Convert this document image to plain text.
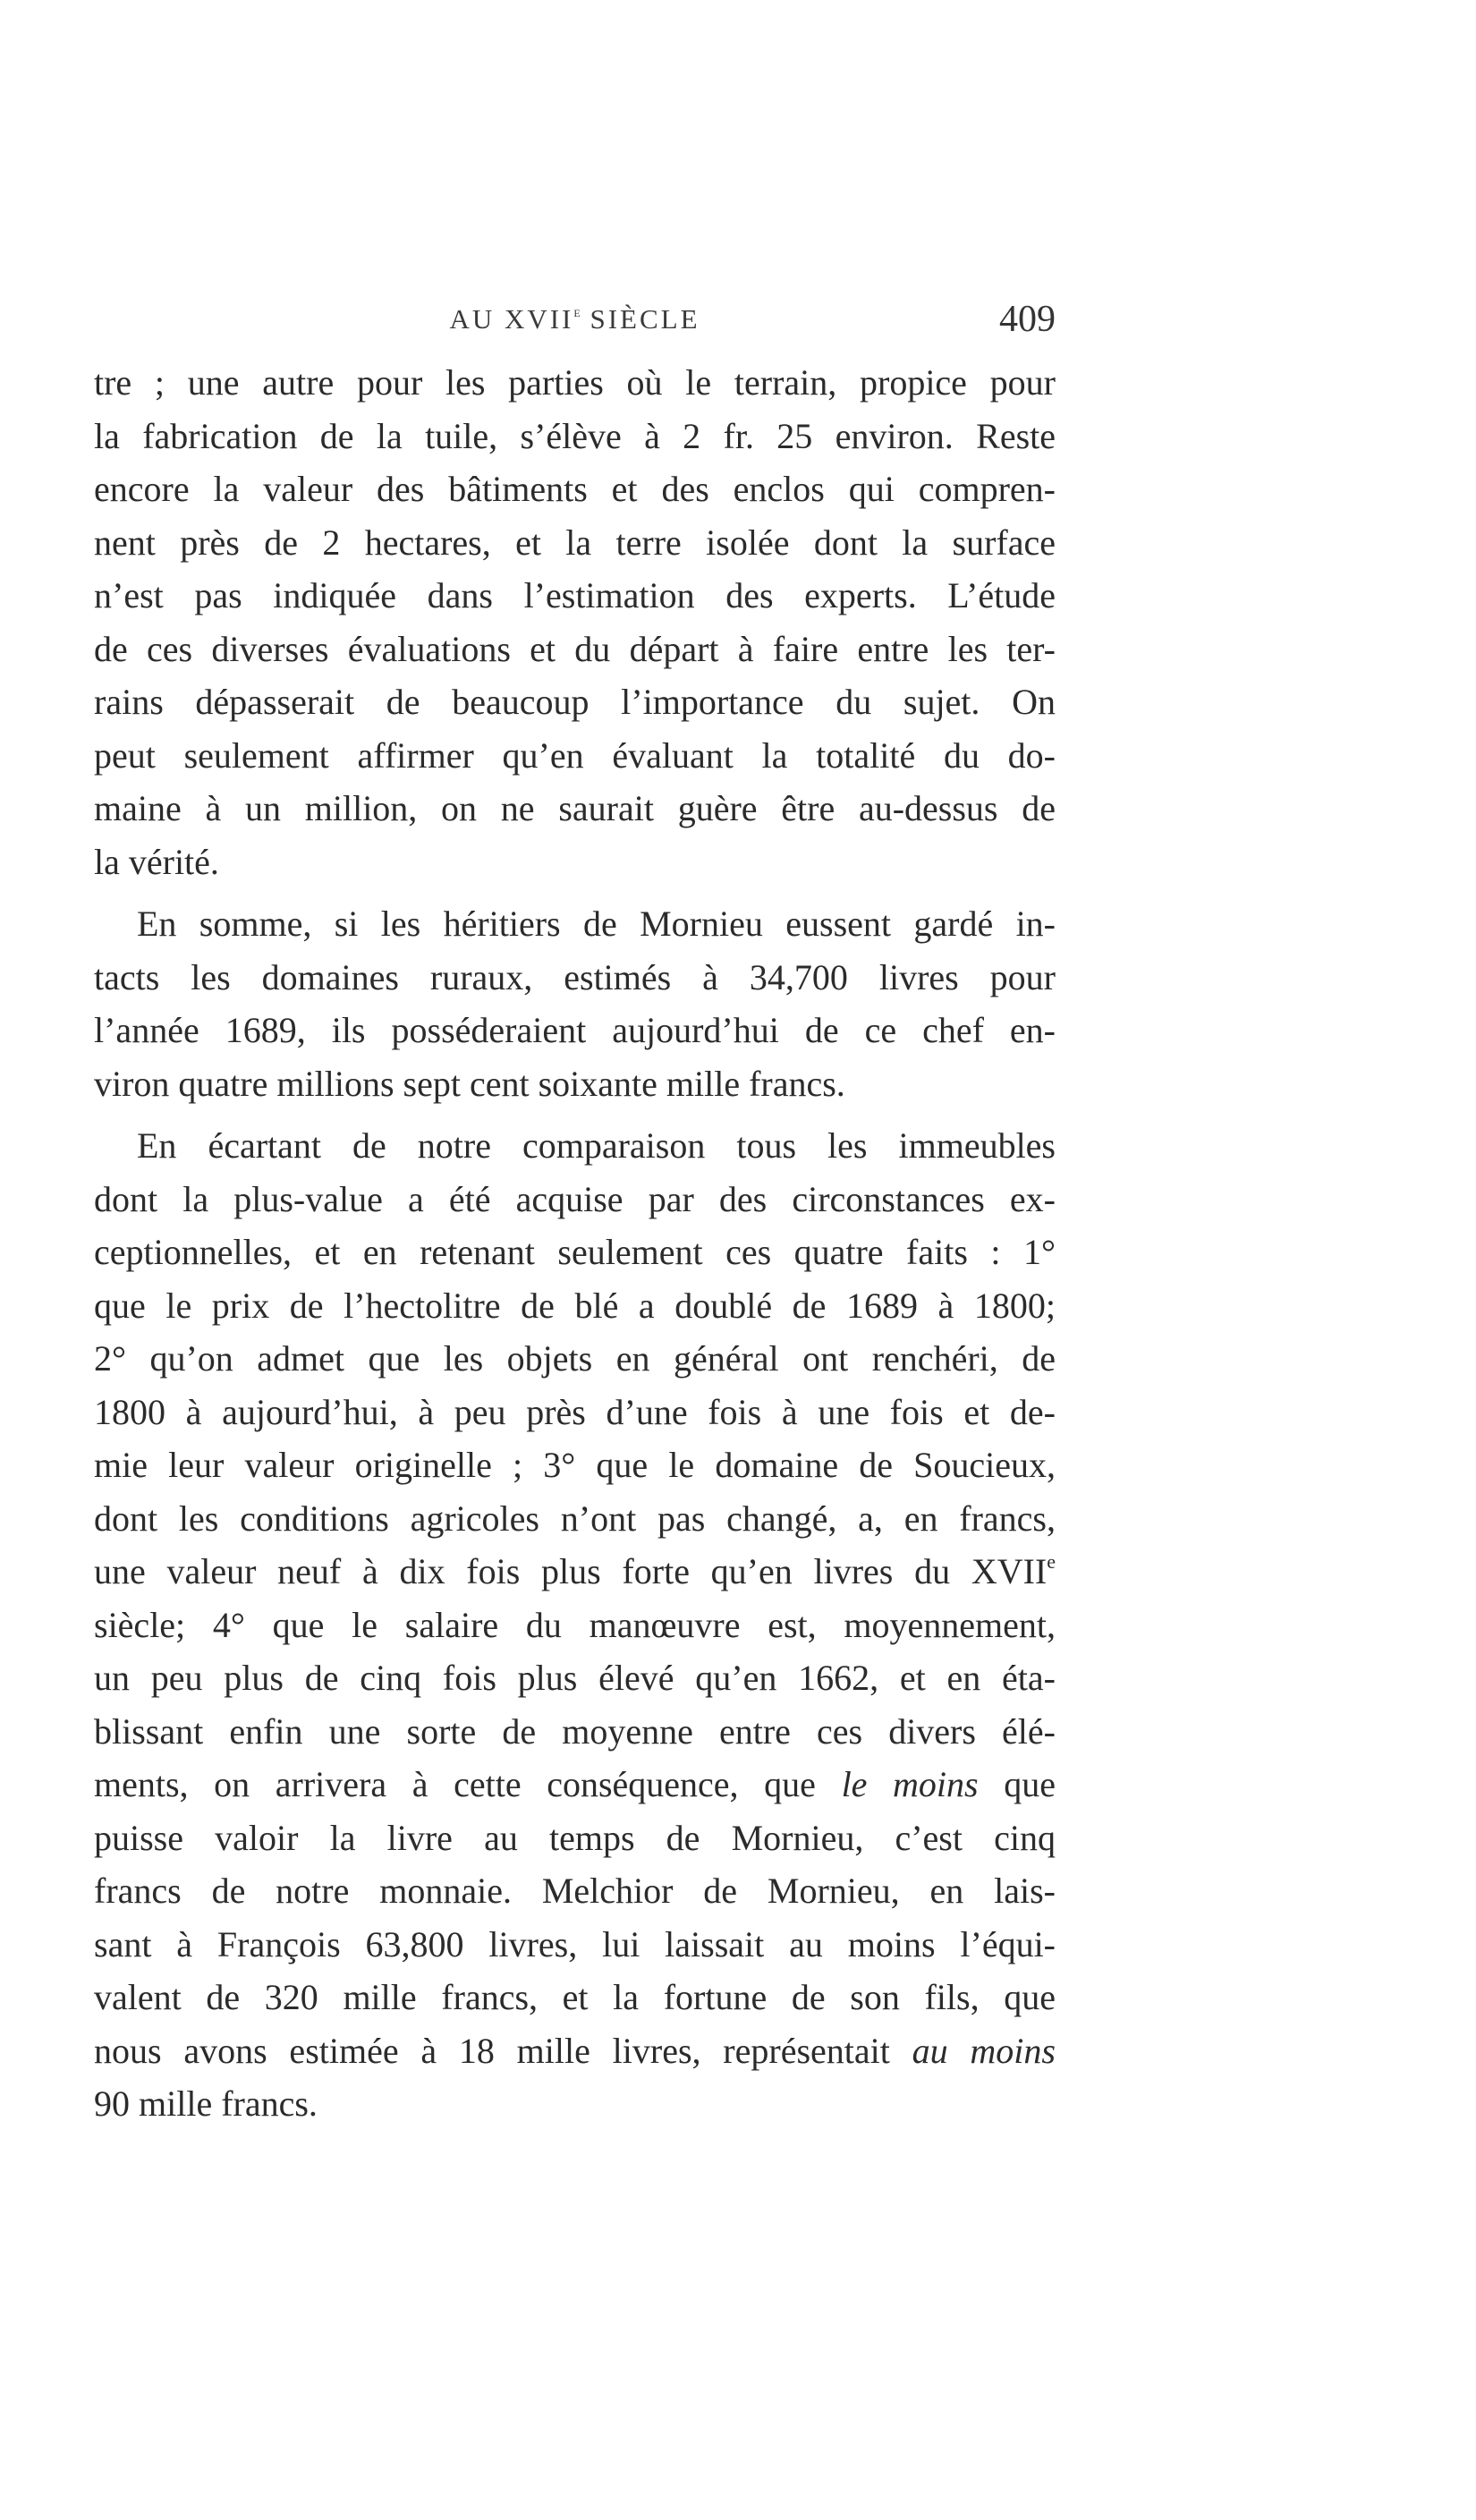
AU XVIIe SIÈCLE	409
tre ; une autre pour les parties où le terrain, propice pour
la fabrication de la tuile, s’élève à 2 fr. 25 environ. Reste
encore la valeur des bâtiments et des enclos qui compren-
nent près de 2 hectares, et la terre isolée dont la surface
n’est pas indiquée dans l’estimation des experts. L’étude
de ces diverses évaluations et du départ à faire entre les ter-
rains dépasserait de beaucoup l’importance du sujet. On
peut seulement affirmer qu’en évaluant la totalité du do-
maine à un million, on ne saurait guère être au-dessus de
la vérité.
En somme, si les héritiers de Mornieu eussent gardé in-
tacts les domaines ruraux, estimés à 34,700 livres pour
l’année 1689, ils posséderaient aujourd’hui de ce chef en-
viron quatre millions sept cent soixante mille francs.
En écartant de notre comparaison tous les immeubles
dont la plus-value a été acquise par des circonstances ex-
ceptionnelles, et en retenant seulement ces quatre faits : 1°
que le prix de l’hectolitre de blé a doublé de 1689 à 1800;
2° qu’on admet que les objets en général ont renchéri, de
1800 à aujourd’hui, à peu près d’une fois à une fois et de-
mie leur valeur originelle ; 3° que le domaine de Soucieux,
dont les conditions agricoles n’ont pas changé, a, en francs,
une valeur neuf à dix fois plus forte qu’en livres du XVIIe
siècle; 4° que le salaire du manœuvre est, moyennement,
un peu plus de cinq fois plus élevé qu’en 1662, et en éta-
blissant enfin une sorte de moyenne entre ces divers élé-
ments, on arrivera à cette conséquence, que le moins que
puisse valoir la livre au temps de Mornieu, c’est cinq
francs de notre monnaie. Melchior de Mornieu, en lais-
sant à François 63,800 livres, lui laissait au moins l’équi-
valent de 320 mille francs, et la fortune de son fils, que
nous avons estimée à 18 mille livres, représentait au moins
90 mille francs.
